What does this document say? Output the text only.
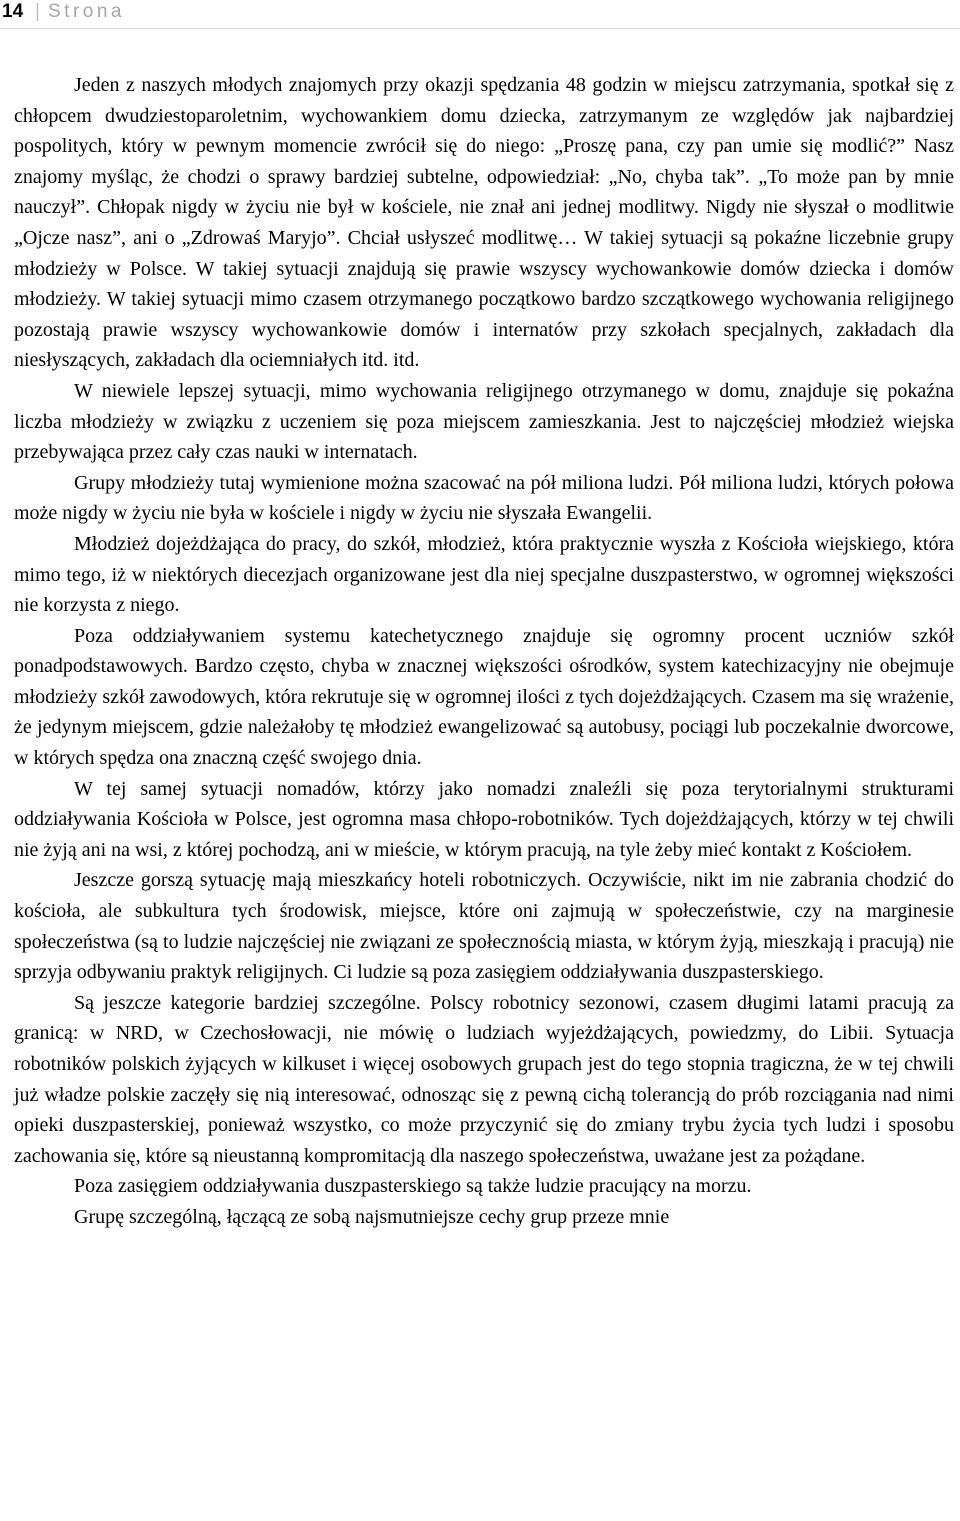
14 | Strona

Jeden z naszych młodych znajomych przy okazji spędzania 48 godzin w miejscu zatrzymania, spotkał się z chłopcem dwudziestoparoletnim, wychowankiem domu dziecka, zatrzymanym ze względów jak najbardziej pospolitych, który w pewnym momencie zwrócił się do niego: „Proszę pana, czy pan umie się modlić?” Nasz znajomy myśląc, że chodzi o sprawy bardziej subtelne, odpowiedział: „No, chyba tak”. „To może pan by mnie nauczył”. Chłopak nigdy w życiu nie był w kościele, nie znał ani jednej modlitwy. Nigdy nie słyszał o modlitwie „Ojcze nasz”, ani o „Zdrowaś Maryjo”. Chciał usłyszeć modlitwę… W takiej sytuacji są pokaźne liczebnie grupy młodzieży w Polsce. W takiej sytuacji znajdują się prawie wszyscy wychowankowie domów dziecka i domów młodzieży. W takiej sytuacji mimo czasem otrzymanego początkowo bardzo szczątkowego wychowania religijnego pozostają prawie wszyscy wychowankowie domów i internatów przy szkołach specjalnych, zakładach dla niesłyszących, zakładach dla ociemniałych itd. itd.

W niewiele lepszej sytuacji, mimo wychowania religijnego otrzymanego w domu, znajduje się pokaźna liczba młodzieży w związku z uczeniem się poza miejscem zamieszkania. Jest to najczęściej młodzież wiejska przebywająca przez cały czas nauki w internatach.

Grupy młodzieży tutaj wymienione można szacować na pół miliona ludzi. Pół miliona ludzi, których połowa może nigdy w życiu nie była w kościele i nigdy w życiu nie słyszała Ewangelii.

Młodzież dojeżdżająca do pracy, do szkół, młodzież, która praktycznie wyszła z Kościoła wiejskiego, która mimo tego, iż w niektórych diecezjach organizowane jest dla niej specjalne duszpasterstwo, w ogromnej większości nie korzysta z niego.

Poza oddziaływaniem systemu katechetycznego znajduje się ogromny procent uczniów szkół ponadpodstawowych. Bardzo często, chyba w znacznej większości ośrodków, system katechizacyjny nie obejmuje młodzieży szkół zawodowych, która rekrutuje się w ogromnej ilości z tych dojeżdżających. Czasem ma się wrażenie, że jedynym miejscem, gdzie należałoby tę młodzież ewangelizować są autobusy, pociągi lub poczekalnie dworcowe, w których spędza ona znaczną część swojego dnia.

W tej samej sytuacji nomadów, którzy jako nomadzi znaleźli się poza terytorialnymi strukturami oddziaływania Kościoła w Polsce, jest ogromna masa chłopo-robotników. Tych dojeżdżających, którzy w tej chwili nie żyją ani na wsi, z której pochodzą, ani w mieście, w którym pracują, na tyle żeby mieć kontakt z Kościołem.

Jeszcze gorszą sytuację mają mieszkańcy hoteli robotniczych. Oczywiście, nikt im nie zabrania chodzić do kościoła, ale subkultura tych środowisk, miejsce, które oni zajmują w społeczeństwie, czy na marginesie społeczeństwa (są to ludzie najczęściej nie związani ze społecznością miasta, w którym żyją, mieszkają i pracują) nie sprzyja odbywaniu praktyk religijnych. Ci ludzie są poza zasięgiem oddziaływania duszpasterskiego.

Są jeszcze kategorie bardziej szczególne. Polscy robotnicy sezonowi, czasem długimi latami pracują za granicą: w NRD, w Czechosłowacji, nie mówię o ludziach wyjeżdżających, powiedzmy, do Libii. Sytuacja robotników polskich żyjących w kilkuset i więcej osobowych grupach jest do tego stopnia tragiczna, że w tej chwili już władze polskie zaczęły się nią interesować, odnosząc się z pewną cichą tolerancją do prób rozciągania nad nimi opieki duszpasterskiej, ponieważ wszystko, co może przyczynić się do zmiany trybu życia tych ludzi i sposobu zachowania się, które są nieustanną kompromitacją dla naszego społeczeństwa, uważane jest za pożądane.

Poza zasięgiem oddziaływania duszpasterskiego są także ludzie pracujący na morzu.

Grupę szczególną, łączącą ze sobą najsmutniejsze cechy grup przeze mnie
